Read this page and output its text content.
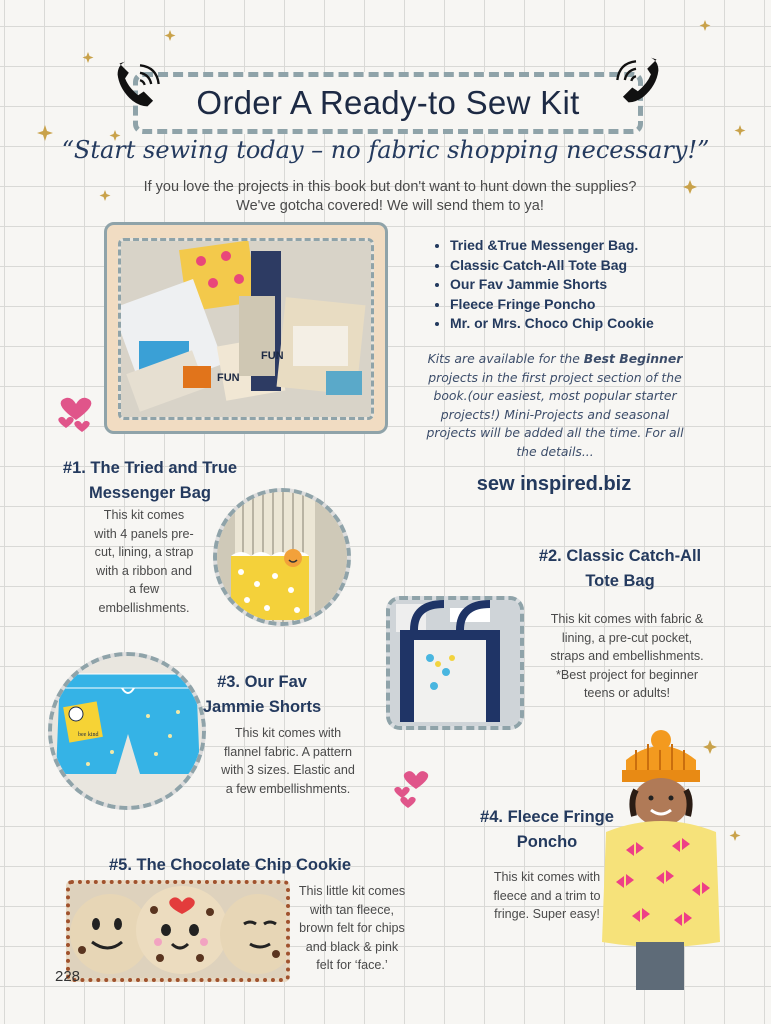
Order A Ready-to Sew Kit
“Start sewing today – no fabric shopping necessary!”
If you love the projects in this book but don't want to hunt down the supplies?
We've gotcha covered! We will send them to ya!
FUN
FUN
• Tried &True Messenger Bag.
• Classic Catch-All Tote Bag
• Our Fav Jammie Shorts
• Fleece Fringe Poncho
• Mr. or Mrs. Choco Chip Cookie
Kits are available for the Best Beginner projects in the first project section of the book.(our easiest, most popular starter projects!) Mini-Projects and seasonal projects will be added all the time. For all the details...
sew inspired.biz
#1. The Tried and True
Messenger Bag
This kit comes
with 4 panels pre-
cut, lining, a strap
with a ribbon and
a few
embellishments.
#2. Classic Catch-All
Tote Bag
This kit comes with fabric &
lining, a pre-cut pocket,
straps and embellishments.
*Best project for beginner
teens or adults!
bee kind
#3. Our Fav
Jammie Shorts
This kit comes with
flannel fabric. A pattern
with 3 sizes. Elastic and
a few embellishments.
#4. Fleece Fringe
Poncho
This kit comes with
fleece and a trim to
fringe. Super easy!
#5. The Chocolate Chip Cookie
This little kit comes
with tan fleece,
brown felt for chips
and black & pink
felt for ‘face.’
228
